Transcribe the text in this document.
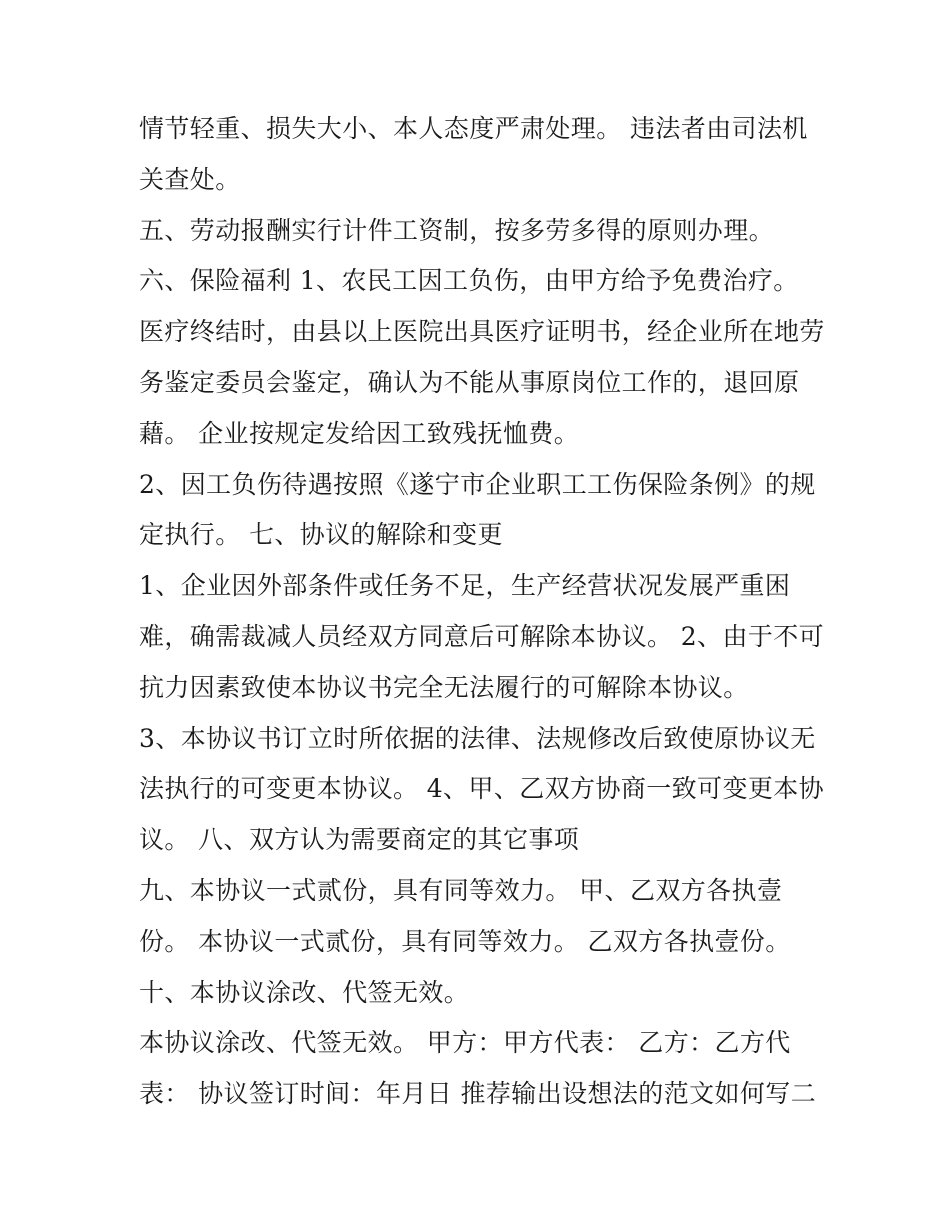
情节轻重、损失大小、本人态度严肃处理。 违法者由司法机
关查处。
五、劳动报酬实行计件工资制，按多劳多得的原则办理。
六、保险福利 1、农民工因工负伤，由甲方给予免费治疗。
医疗终结时，由县以上医院出具医疗证明书，经企业所在地劳
务鉴定委员会鉴定，确认为不能从事原岗位工作的，退回原
藉。 企业按规定发给因工致残抚恤费。
2、因工负伤待遇按照《遂宁市企业职工工伤保险条例》的规
定执行。 七、协议的解除和变更
1、企业因外部条件或任务不足，生产经营状况发展严重困
难，确需裁减人员经双方同意后可解除本协议。 2、由于不可
抗力因素致使本协议书完全无法履行的可解除本协议。
3、本协议书订立时所依据的法律、法规修改后致使原协议无
法执行的可变更本协议。 4、甲、乙双方协商一致可变更本协
议。 八、双方认为需要商定的其它事项
九、本协议一式贰份，具有同等效力。 甲、乙双方各执壹
份。 本协议一式贰份，具有同等效力。 乙双方各执壹份。
十、本协议涂改、代签无效。
本协议涂改、代签无效。 甲方：甲方代表： 乙方：乙方代
表： 协议签订时间：年月日 推荐输出设想法的范文如何写二
